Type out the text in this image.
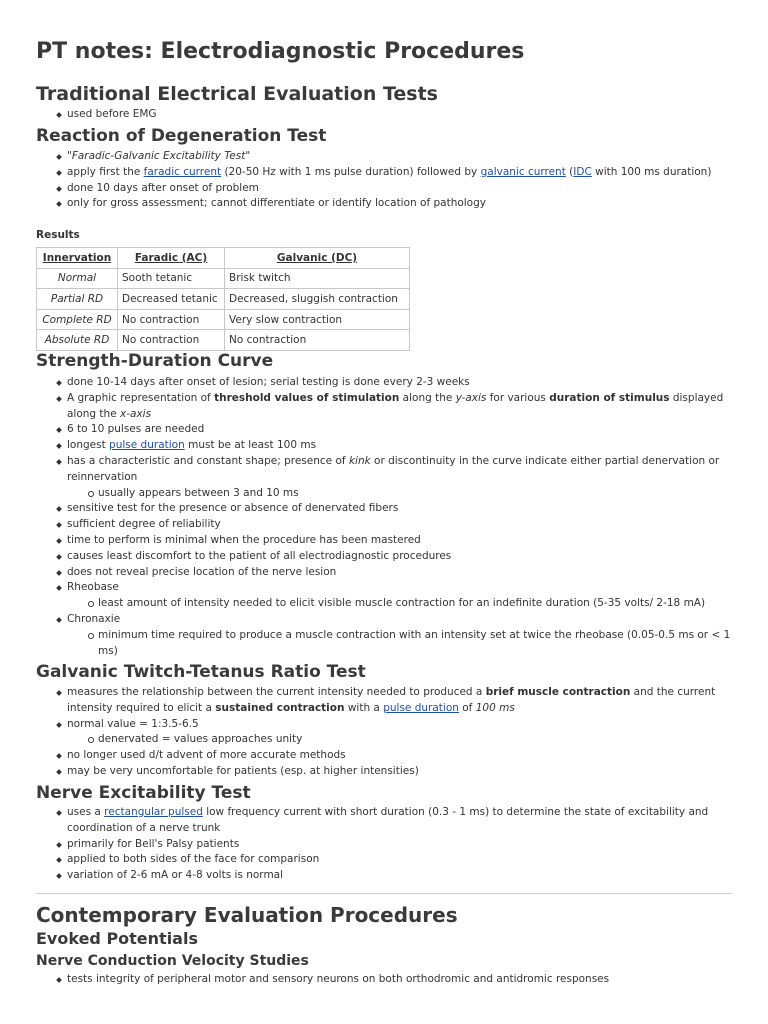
PT notes: Electrodiagnostic Procedures
Traditional Electrical Evaluation Tests
used before EMG
Reaction of Degeneration Test
"Faradic-Galvanic Excitability Test"
apply first the faradic current (20-50 Hz with 1 ms pulse duration) followed by galvanic current (IDC with 100 ms duration)
done 10 days after onset of problem
only for gross assessment; cannot differentiate or identify location of pathology

Results

Innervation	Faradic (AC)	Galvanic (DC)
Normal	Sooth tetanic	Brisk twitch
Partial RD	Decreased tetanic	Decreased, sluggish contraction
Complete RD	No contraction	Very slow contraction
Absolute RD	No contraction	No contraction
Strength-Duration Curve
done 10-14 days after onset of lesion; serial testing is done every 2-3 weeks
A graphic representation of threshold values of stimulation along the y-axis for various duration of stimulus displayed along the x-axis
6 to 10 pulses are needed
longest pulse duration must be at least 100 ms
has a characteristic and constant shape; presence of kink or discontinuity in the curve indicate either partial denervation or reinnervation
usually appears between 3 and 10 ms
sensitive test for the presence or absence of denervated fibers
sufficient degree of reliability
time to perform is minimal when the procedure has been mastered
causes least discomfort to the patient of all electrodiagnostic procedures
does not reveal precise location of the nerve lesion
Rheobase
least amount of intensity needed to elicit visible muscle contraction for an indefinite duration (5-35 volts/ 2-18 mA)
Chronaxie
minimum time required to produce a muscle contraction with an intensity set at twice the rheobase (0.05-0.5 ms or < 1 ms)
Galvanic Twitch-Tetanus Ratio Test
measures the relationship between the current intensity needed to produced a brief muscle contraction and the current intensity required to elicit a sustained contraction with a pulse duration of 100 ms
normal value = 1:3.5-6.5
denervated = values approaches unity
no longer used d/t advent of more accurate methods
may be very uncomfortable for patients (esp. at higher intensities)
Nerve Excitability Test
uses a rectangular pulsed low frequency current with short duration (0.3 - 1 ms) to determine the state of excitability and coordination of a nerve trunk
primarily for Bell's Palsy patients
applied to both sides of the face for comparison
variation of 2-6 mA or 4-8 volts is normal
Contemporary Evaluation Procedures
Evoked Potentials
Nerve Conduction Velocity Studies
tests integrity of peripheral motor and sensory neurons on both orthodromic and antidromic responses
